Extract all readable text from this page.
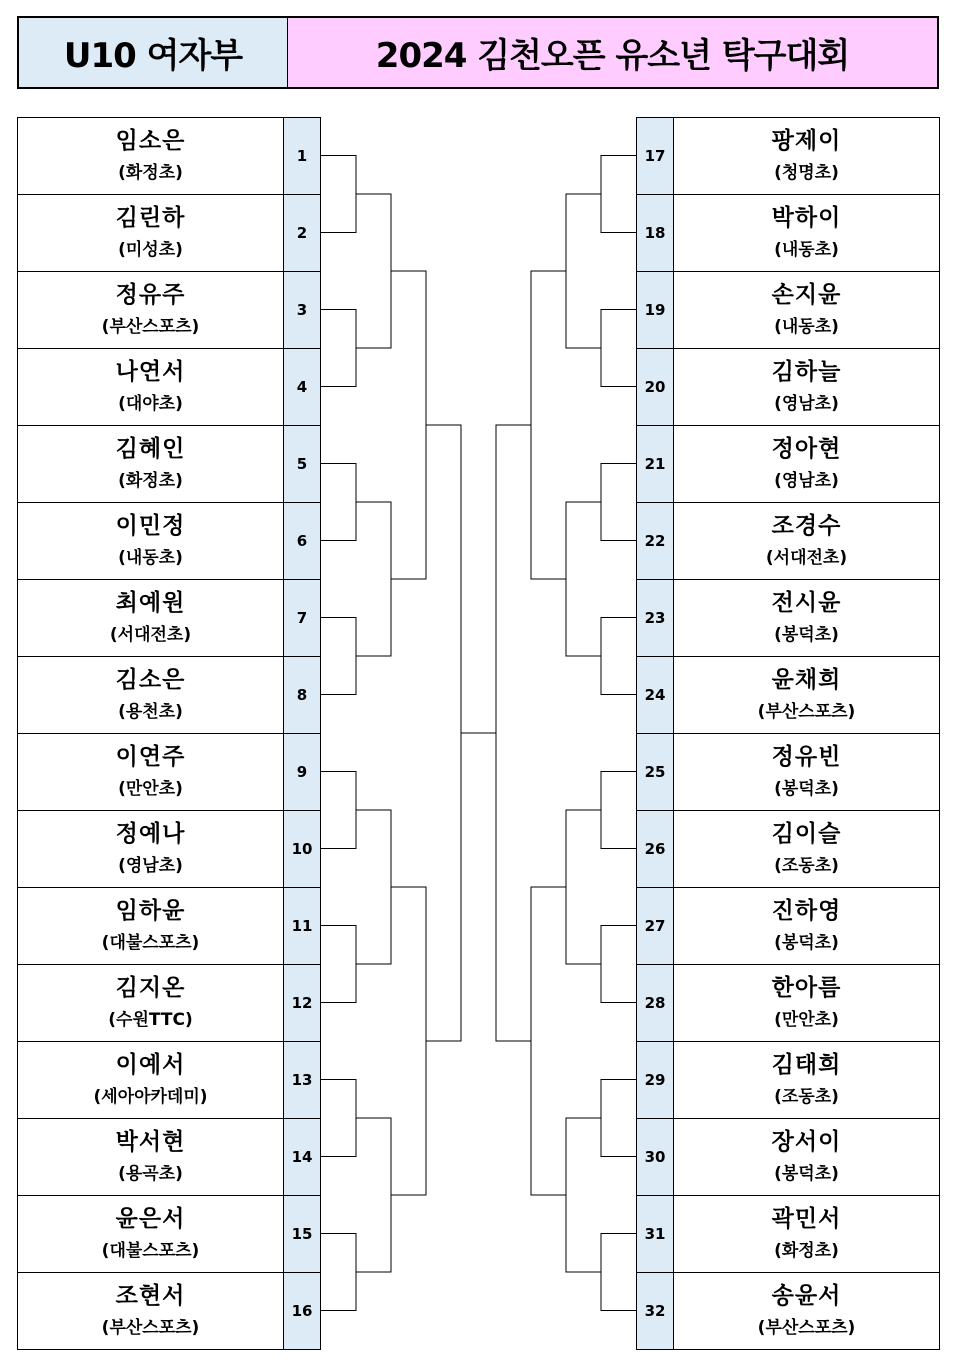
U10 여자부	2024 김천오픈 유소년 탁구대회
임소은
(화정초)
1
김린하
(미성초)
2
정유주
(부산스포츠)
3
나연서
(대야초)
4
김혜인
(화정초)
5
이민정
(내동초)
6
최예원
(서대전초)
7
김소은
(용천초)
8
이연주
(만안초)
9
정예나
(영남초)
10
임하윤
(대불스포츠)
11
김지온
(수원TTC)
12
이예서
(세아아카데미)
13
박서현
(용곡초)
14
윤은서
(대불스포츠)
15
조현서
(부산스포츠)
16
17
팡제이
(청명초)
18
박하이
(내동초)
19
손지윤
(내동초)
20
김하늘
(영남초)
21
정아현
(영남초)
22
조경수
(서대전초)
23
전시윤
(봉덕초)
24
윤채희
(부산스포츠)
25
정유빈
(봉덕초)
26
김이슬
(조동초)
27
진하영
(봉덕초)
28
한아름
(만안초)
29
김태희
(조동초)
30
장서이
(봉덕초)
31
곽민서
(화정초)
32
송윤서
(부산스포츠)
